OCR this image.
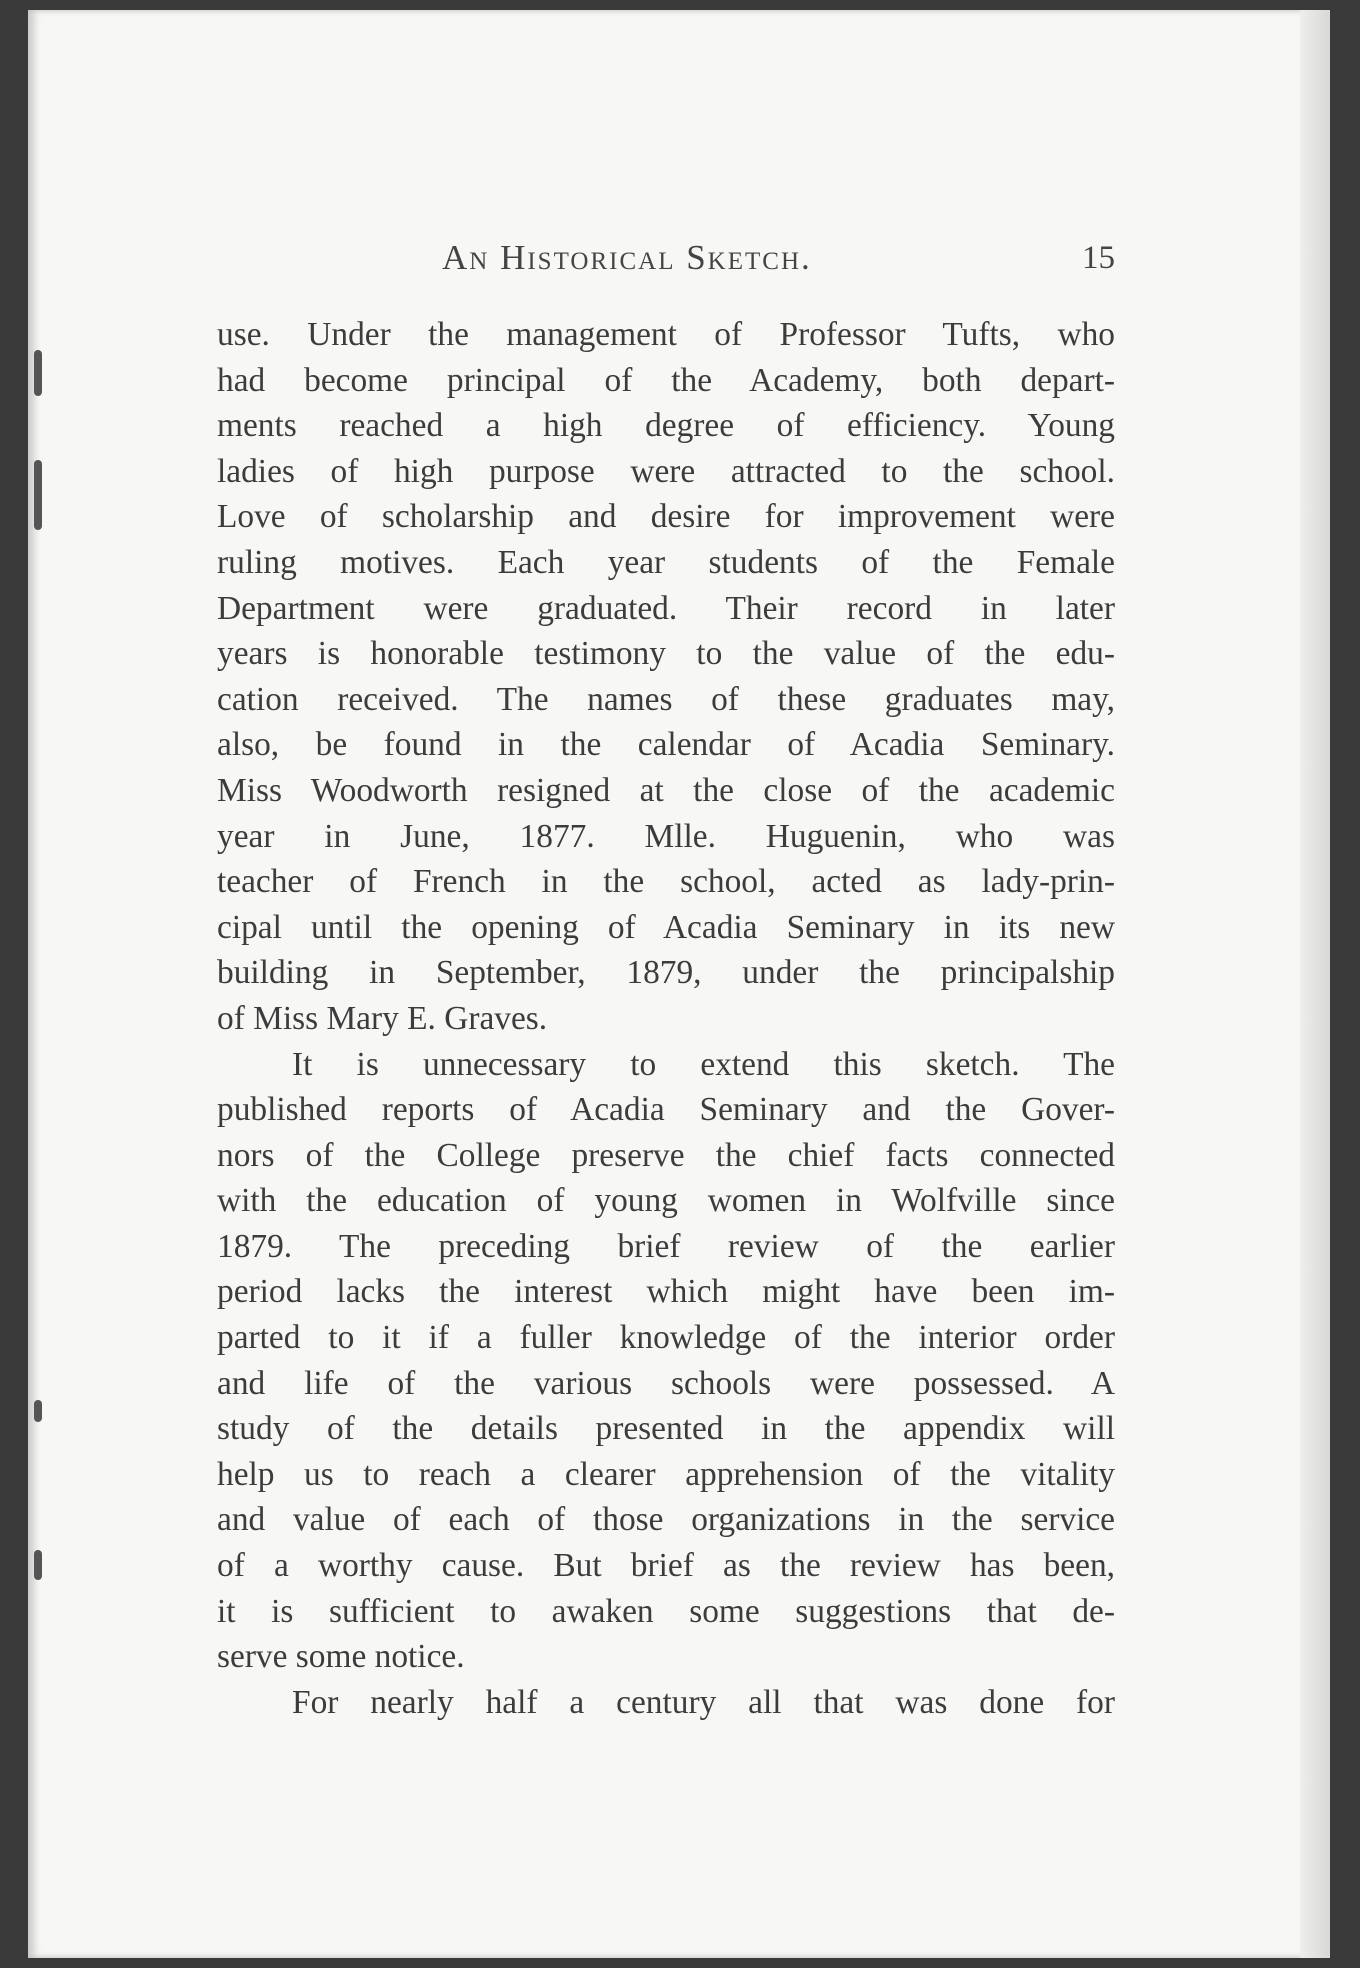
An Historical Sketch.	15
use. Under the management of Professor Tufts, who
had become principal of the Academy, both depart-
ments reached a high degree of efficiency. Young
ladies of high purpose were attracted to the school.
Love of scholarship and desire for improvement were
ruling motives. Each year students of the Female
Department were graduated. Their record in later
years is honorable testimony to the value of the edu-
cation received. The names of these graduates may,
also, be found in the calendar of Acadia Seminary.
Miss Woodworth resigned at the close of the academic
year in June, 1877. Mlle. Huguenin, who was
teacher of French in the school, acted as lady-prin-
cipal until the opening of Acadia Seminary in its new
building in September, 1879, under the principalship
of Miss Mary E. Graves.
It is unnecessary to extend this sketch. The
published reports of Acadia Seminary and the Gover-
nors of the College preserve the chief facts connected
with the education of young women in Wolfville since
1879. The preceding brief review of the earlier
period lacks the interest which might have been im-
parted to it if a fuller knowledge of the interior order
and life of the various schools were possessed. A
study of the details presented in the appendix will
help us to reach a clearer apprehension of the vitality
and value of each of those organizations in the service
of a worthy cause. But brief as the review has been,
it is sufficient to awaken some suggestions that de-
serve some notice.
For nearly half a century all that was done for
